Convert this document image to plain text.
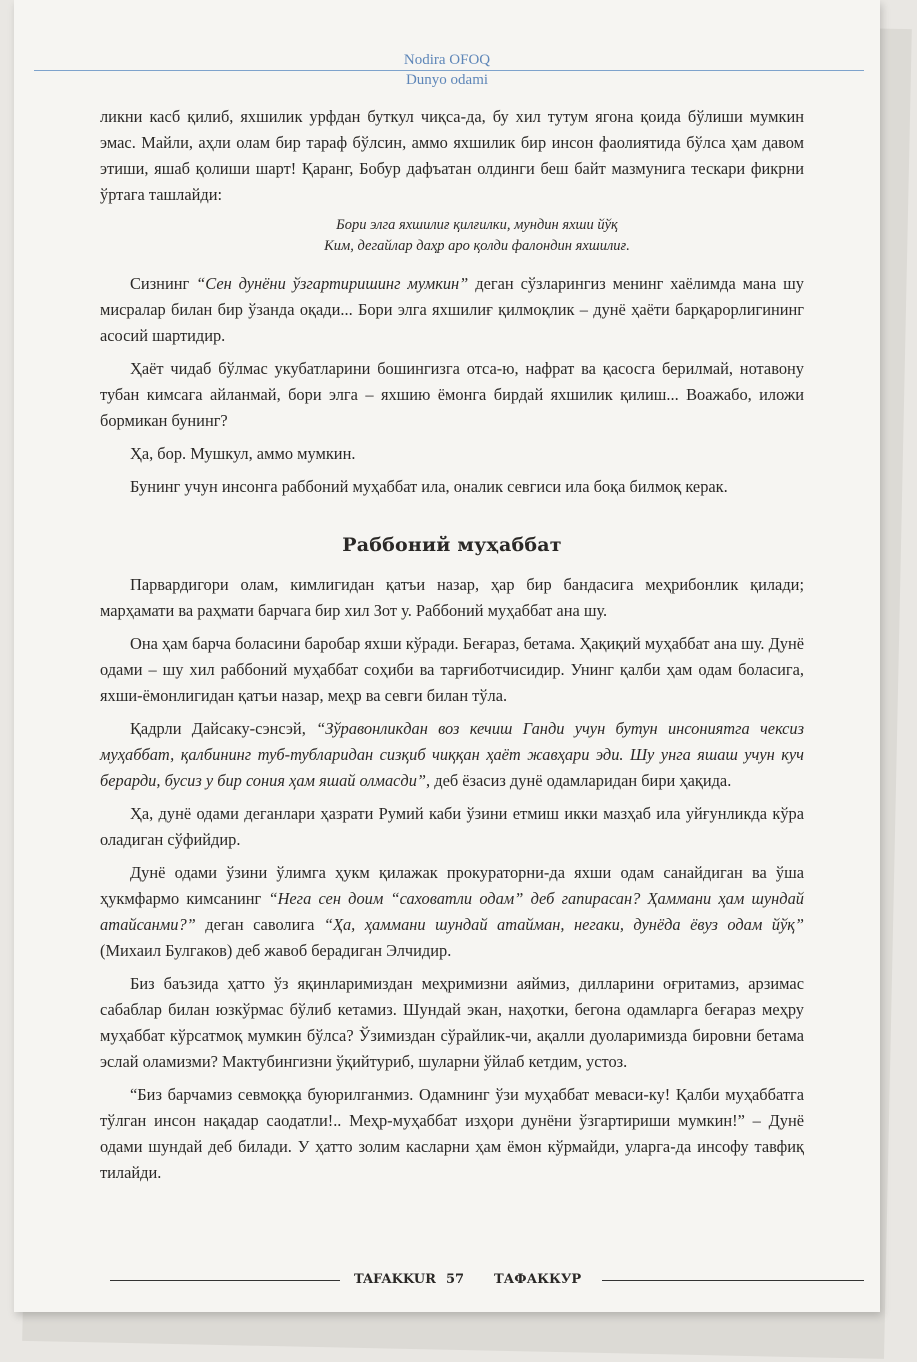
Nodira OFOQ
Dunyo odami

ликни касб қилиб, яхшилик урфдан буткул чиқса-да, бу хил тутум ягона қоида бўлиши мумкин эмас. Майли, аҳли олам бир тараф бўлсин, аммо яхшилик бир инсон фаолиятида бўлса ҳам давом этиши, яшаб қолиши шарт! Қаранг, Бобур дафъатан олдинги беш байт мазмунига тескари фикрни ўртага ташлайди:

Бори элга яхшилиғ қилғилки, мундин яхши йўқ
Ким, дегайлар даҳр аро қолди фалондин яхшилиғ.

Сизнинг “Сен дунёни ўзгартиришинг мумкин” деган сўзларингиз менинг хаёлимда мана шу мисралар билан бир ўзанда оқади... Бори элга яхшилиғ қилмоқлик – дунё ҳаёти барқарорлигининг асосий шартидир.

Ҳаёт чидаб бўлмас укубатларини бошингизга отса-ю, нафрат ва қасосга берилмай, нотавону тубан кимсага айланмай, бори элга – яхшию ёмонга бирдай яхшилик қилиш... Воажабо, иложи бормикан бунинг?

Ҳа, бор. Мушкул, аммо мумкин.

Бунинг учун инсонга раббоний муҳаббат ила, оналик севгиси ила боқа билмоқ керак.

Раббоний муҳаббат

Парвардигори олам, кимлигидан қатъи назар, ҳар бир бандасига меҳрибонлик қилади; марҳамати ва раҳмати барчага бир хил Зот у. Раббоний муҳаббат ана шу.

Она ҳам барча боласини баробар яхши кўради. Беғараз, бетама. Ҳақиқий муҳаббат ана шу. Дунё одами – шу хил раббоний муҳаббат соҳиби ва тарғиботчисидир. Унинг қалби ҳам одам боласига, яхши-ёмонлигидан қатъи назар, меҳр ва севги билан тўла.

Қадрли Дайсаку-сэнсэй, “Зўравонликдан воз кечиш Ганди учун бутун инсониятга чексиз муҳаббат, қалбининг туб-тубларидан сизқиб чиққан ҳаёт жавҳари эди. Шу унга яшаш учун куч берарди, бусиз у бир сония ҳам яшай олмасди”, деб ёзасиз дунё одамларидан бири ҳақида.

Ҳа, дунё одами деганлари ҳазрати Румий каби ўзини етмиш икки мазҳаб ила уйғунликда кўра оладиган сўфийдир.

Дунё одами ўзини ўлимга ҳукм қилажак прокураторни-да яхши одам санайдиган ва ўша ҳукмфармо кимсанинг “Нега сен доим “саховатли одам” деб гапирасан? Ҳаммани ҳам шундай атайсанми?” деган саволига “Ҳа, ҳаммани шундай атайман, негаки, дунёда ёвуз одам йўқ” (Михаил Булгаков) деб жавоб берадиган Элчидир.

Биз баъзида ҳатто ўз яқинларимиздан меҳримизни аяймиз, дилларини оғритамиз, арзимас сабаблар билан юзкўрмас бўлиб кетамиз. Шундай экан, наҳотки, бегона одамларга беғараз меҳру муҳаббат кўрсатмоқ мумкин бўлса? Ўзимиздан сўрайлик-чи, ақалли дуоларимизда бировни бетама эслай оламизми? Мактубингизни ўқийтуриб, шуларни ўйлаб кетдим, устоз.

“Биз барчамиз севмоққа буюрилганмиз. Одамнинг ўзи муҳаббат меваси-ку! Қалби муҳаббатга тўлган инсон нақадар саодатли!.. Меҳр-муҳаббат изҳори дунёни ўзгартириши мумкин!” – Дунё одами шундай деб билади. У ҳатто золим касларни ҳам ёмон кўрмайди, уларга-да инсофу тавфиқ тилайди.

TAFAKKUR 57 ТАФАККУР
